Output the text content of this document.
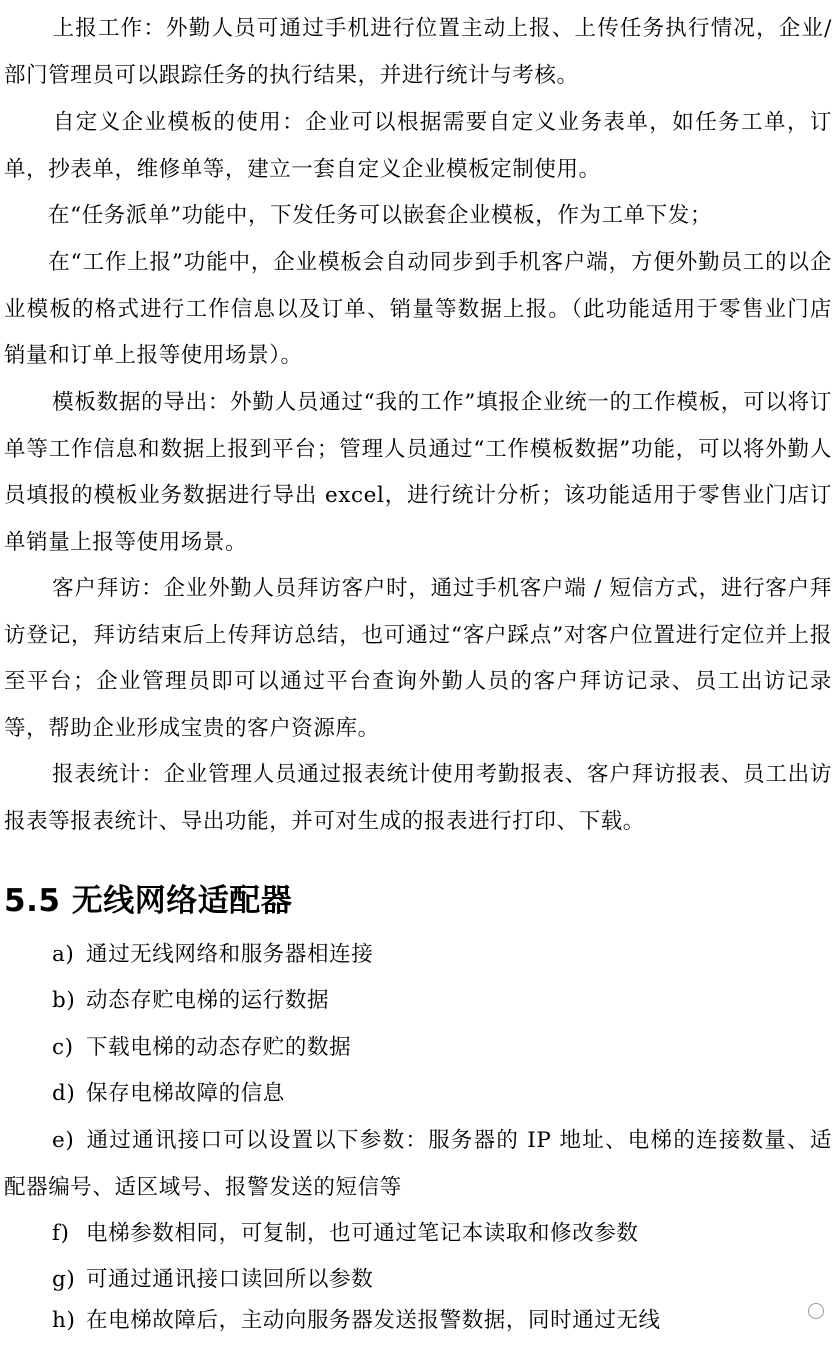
上报工作：外勤人员可通过手机进行位置主动上报、上传任务执行情况，企业/部门管理员可以跟踪任务的执行结果，并进行统计与考核。

自定义企业模板的使用：企业可以根据需要自定义业务表单，如任务工单，订单，抄表单，维修单等，建立一套自定义企业模板定制使用。

在“任务派单”功能中，下发任务可以嵌套企业模板，作为工单下发；

在“工作上报”功能中，企业模板会自动同步到手机客户端，方便外勤员工的以企业模板的格式进行工作信息以及订单、销量等数据上报。（此功能适用于零售业门店销量和订单上报等使用场景）。

模板数据的导出：外勤人员通过“我的工作”填报企业统一的工作模板，可以将订单等工作信息和数据上报到平台；管理人员通过“工作模板数据”功能，可以将外勤人员填报的模板业务数据进行导出 excel，进行统计分析；该功能适用于零售业门店订单销量上报等使用场景。

客户拜访：企业外勤人员拜访客户时，通过手机客户端 / 短信方式，进行客户拜访登记，拜访结束后上传拜访总结，也可通过“客户踩点”对客户位置进行定位并上报至平台；企业管理员即可以通过平台查询外勤人员的客户拜访记录、员工出访记录等，帮助企业形成宝贵的客户资源库。

报表统计：企业管理人员通过报表统计使用考勤报表、客户拜访报表、员工出访报表等报表统计、导出功能，并可对生成的报表进行打印、下载。

5.5 无线网络适配器

a) 通过无线网络和服务器相连接

b) 动态存贮电梯的运行数据

c) 下载电梯的动态存贮的数据

d) 保存电梯故障的信息

e) 通过通讯接口可以设置以下参数：服务器的 IP 地址、电梯的连接数量、适配器编号、适区域号、报警发送的短信等

f) 电梯参数相同，可复制，也可通过笔记本读取和修改参数

g) 可通过通讯接口读回所以参数

h) 在电梯故障后，主动向服务器发送报警数据，同时通过无线
